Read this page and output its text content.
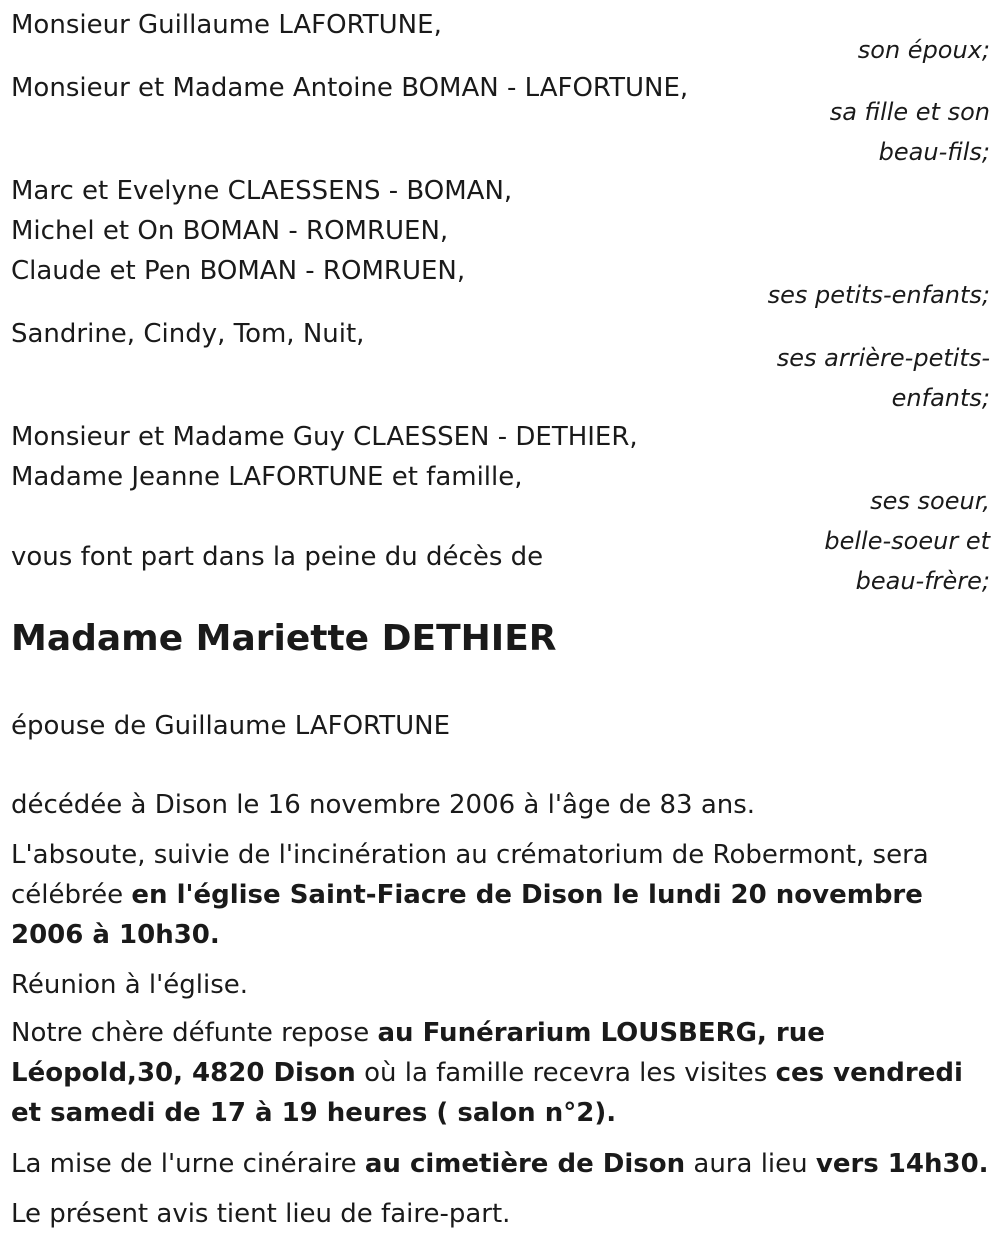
Monsieur Guillaume LAFORTUNE,

Monsieur et Madame Antoine BOMAN - LAFORTUNE,

Marc et Evelyne CLAESSENS - BOMAN,

Michel et On BOMAN - ROMRUEN,

Claude et Pen BOMAN - ROMRUEN,

Sandrine, Cindy, Tom, Nuit,

Monsieur et Madame Guy CLAESSEN - DETHIER,

Madame Jeanne LAFORTUNE et famille,

vous font part dans la peine du décès de

son époux;

sa fille et son

beau-fils;

ses petits-enfants;

ses arrière-petits-

enfants;

ses soeur,

belle-soeur et

beau-frère;

Madame Mariette DETHIER

épouse de Guillaume LAFORTUNE

décédée à Dison le 16 novembre 2006 à l'âge de 83 ans.

L'absoute, suivie de l'incinération au crématorium de Robermont, sera célébrée en l'église Saint-Fiacre de Dison le lundi 20 novembre 2006 à 10h30.

Réunion à l'église.

Notre chère défunte repose au Funérarium LOUSBERG, rue Léopold,30, 4820 Dison où la famille recevra les visites ces vendredi et samedi de 17 à 19 heures ( salon n°2).

La mise de l'urne cinéraire au cimetière de Dison aura lieu vers 14h30.

Le présent avis tient lieu de faire-part.
